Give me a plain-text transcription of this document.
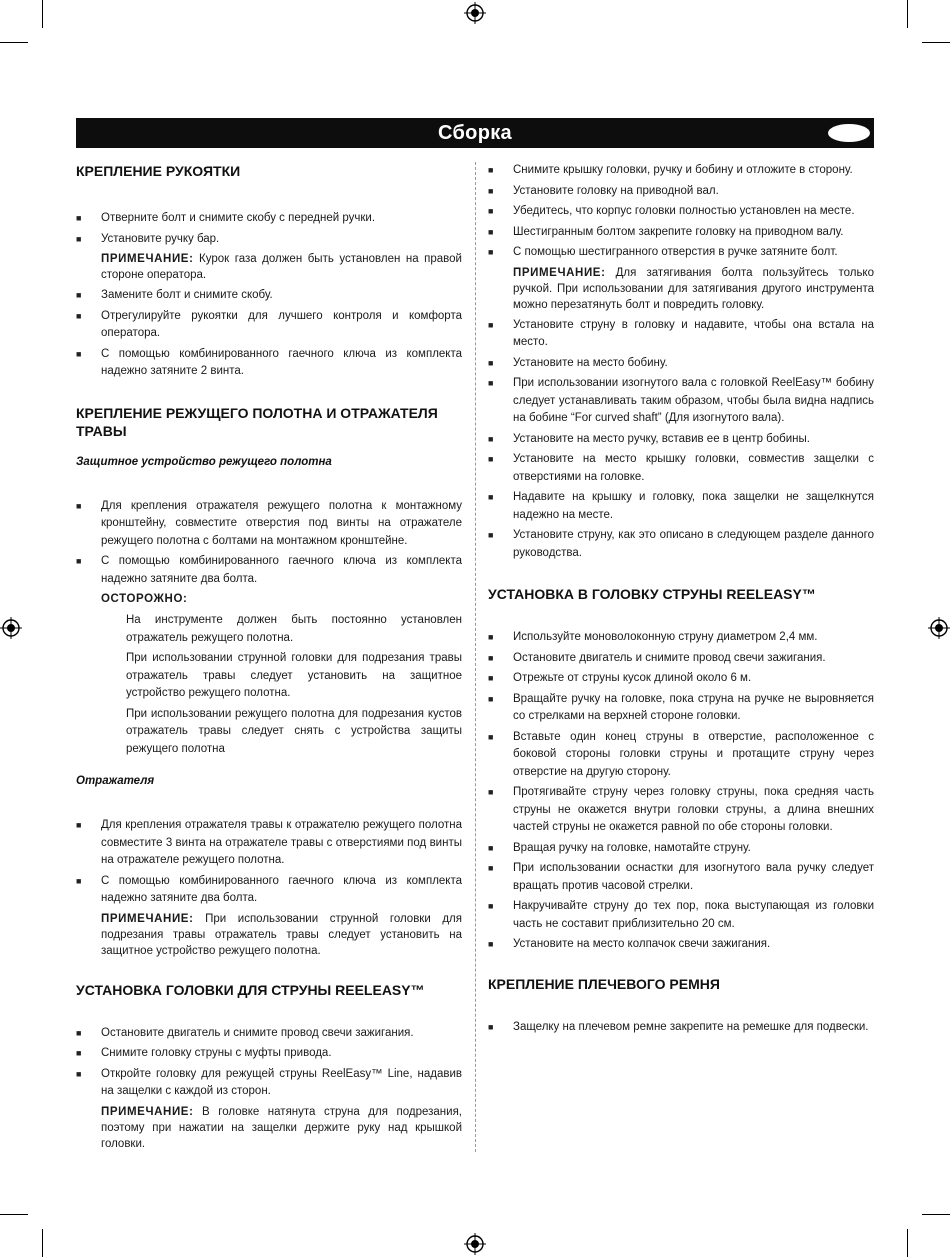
Сборка
КРЕПЛЕНИЕ РУКОЯТКИ
■ Отверните болт и снимите скобу с передней ручки.
■ Установите ручку бар.
ПРИМЕЧАНИЕ: Курок газа должен быть установлен на правой стороне оператора.
■ Замените болт и снимите скобу.
■ Отрегулируйте рукоятки для лучшего контроля и комфорта оператора.
■ С помощью комбинированного гаечного ключа из комплекта надежно затяните 2 винта.
КРЕПЛЕНИЕ РЕЖУЩЕГО ПОЛОТНА И ОТРАЖАТЕЛЯ ТРАВЫ
Защитное устройство режущего полотна
■ Для крепления отражателя режущего полотна к монтажному кронштейну, совместите отверстия под винты на отражателе режущего полотна с болтами на монтажном кронштейне.
■ С помощью комбинированного гаечного ключа из комплекта надежно затяните два болта.
ОСТОРОЖНО:
На инструменте должен быть постоянно установлен отражатель режущего полотна.
При использовании струнной головки для подрезания травы отражатель травы следует установить на защитное устройство режущего полотна.
При использовании режущего полотна для подрезания кустов отражатель травы следует снять с устройства защиты режущего полотна
Отражателя
■ Для крепления отражателя травы к отражателю режущего полотна совместите 3 винта на отражателе травы с отверстиями под винты на отражателе режущего полотна.
■ С помощью комбинированного гаечного ключа из комплекта надежно затяните два болта.
ПРИМЕЧАНИЕ: При использовании струнной головки для подрезания травы отражатель травы следует установить на защитное устройство режущего полотна.
УСТАНОВКА ГОЛОВКИ ДЛЯ СТРУНЫ REELEASY™
■ Остановите двигатель и снимите провод свечи зажигания.
■ Снимите головку струны с муфты привода.
■ Откройте головку для режущей струны ReelEasy™ Line, надавив на защелки с каждой из сторон.
ПРИМЕЧАНИЕ: В головке натянута струна для подрезания, поэтому при нажатии на защелки держите руку над крышкой головки.
■ Снимите крышку головки, ручку и бобину и отложите в сторону.
■ Установите головку на приводной вал.
■ Убедитесь, что корпус головки полностью установлен на месте.
■ Шестигранным болтом закрепите головку на приводном валу.
■ С помощью шестигранного отверстия в ручке затяните болт.
ПРИМЕЧАНИЕ: Для затягивания болта пользуйтесь только ручкой. При использовании для затягивания другого инструмента можно перезатянуть болт и повредить головку.
■ Установите струну в головку и надавите, чтобы она встала на место.
■ Установите на место бобину.
■ При использовании изогнутого вала с головкой ReelEasy™ бобину следует устанавливать таким образом, чтобы была видна надпись на бобине “For curved shaft” (Для изогнутого вала).
■ Установите на место ручку, вставив ее в центр бобины.
■ Установите на место крышку головки, совместив защелки с отверстиями на головке.
■ Надавите на крышку и головку, пока защелки не защелкнутся надежно на месте.
■ Установите струну, как это описано в следующем разделе данного руководства.
УСТАНОВКА В ГОЛОВКУ СТРУНЫ REELEASY™
■ Используйте моноволоконную струну диаметром 2,4 мм.
■ Остановите двигатель и снимите провод свечи зажигания.
■ Отрежьте от струны кусок длиной около 6 м.
■ Вращайте ручку на головке, пока струна на ручке не выровняется со стрелками на верхней стороне головки.
■ Вставьте один конец струны в отверстие, расположенное с боковой стороны головки струны и протащите струну через отверстие на другую сторону.
■ Протягивайте струну через головку струны, пока средняя часть струны не окажется внутри головки струны, а длина внешних частей струны не окажется равной по обе стороны головки.
■ Вращая ручку на головке, намотайте струну.
■ При использовании оснастки для изогнутого вала ручку следует вращать против часовой стрелки.
■ Накручивайте струну до тех пор, пока выступающая из головки часть не составит приблизительно 20 см.
■ Установите на место колпачок свечи зажигания.
КРЕПЛЕНИЕ ПЛЕЧЕВОГО РЕМНЯ
■ Защелку на плечевом ремне закрепите на ремешке для подвески.
